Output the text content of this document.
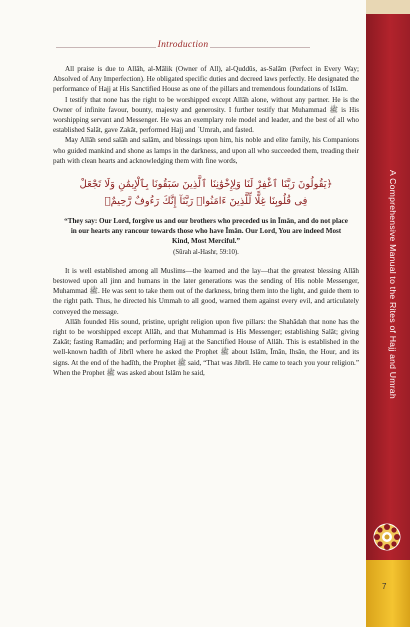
Introduction

All praise is due to Allāh, al-Mālik (Owner of All), al-Quddūs, as-Salām (Perfect in Every Way; Absolved of Any Imperfection). He obligated specific duties and decreed laws perfectly. He designated the performance of Hajj at His Sanctified House as one of the pillars and tremendous foundations of Islām.

I testify that none has the right to be worshipped except Allāh alone, without any partner. He is the Owner of infinite favour, bounty, majesty and generosity. I further testify that Muhammad ﷺ is His worshipping servant and Messenger. He was an exemplary role model and leader, and the best of all who established Salāt, gave Zakāt, performed Hajj and ʿUmrah, and fasted.

May Allāh send salāh and salām, and blessings upon him, his noble and elite family, his Companions who guided mankind and shone as lamps in the darkness, and upon all who succeeded them, treading their path with clean hearts and acknowledging them with fine words,

﴿يَقُولُونَ رَبَّنَا ٱغْفِرْ لَنَا وَلِإِخْوَٰنِنَا ٱلَّذِينَ سَبَقُونَا بِٱلْإِيمَٰنِ وَلَا تَجْعَلْ
فِى قُلُوبِنَا غِلًّا لِّلَّذِينَ ءَامَنُوا۟ رَبَّنَآ إِنَّكَ رَءُوفٌ رَّحِيمٌ﴾
“They say: Our Lord, forgive us and our brothers who preceded us in Īmān, and do not place in our hearts any rancour towards those who have Īmān. Our Lord, You are indeed Most Kind, Most Merciful.”
(Sūrah al-Hashr, 59:10).

It is well established among all Muslims—the learned and the lay—that the greatest blessing Allāh bestowed upon all jinn and humans in the later generations was the sending of His noble Messenger, Muhammad ﷺ. He was sent to take them out of the darkness, bring them into the light, and guide them to the right path. Thus, he directed his Ummah to all good, warned them against every evil, and articulately conveyed the message.

Allāh founded His sound, pristine, upright religion upon five pillars: the Shahādah that none has the right to be worshipped except Allāh, and that Muhammad is His Messenger; establishing Salāt; giving Zakāt; fasting Ramadān; and performing Hajj at the Sanctified House of Allāh. This is established in the well-known hadīth of Jibrīl where he asked the Prophet ﷺ about Islām, Īmān, Ihsān, the Hour, and its signs. At the end of the hadīth, the Prophet ﷺ said, “That was Jibrīl. He came to teach you your religion.” When the Prophet ﷺ was asked about Islām he said,	A Comprehensive Manual to the Rites of Hajj and Umrah
7
